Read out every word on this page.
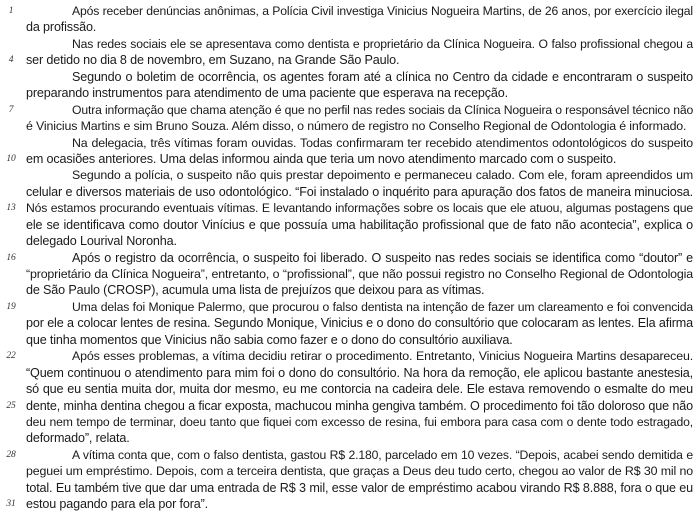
1	Após receber denúncias anônimas, a Polícia Civil investiga Vinicius Nogueira Martins, de 26 anos, por exercício ilegal
da profissão.
Nas redes sociais ele se apresentava como dentista e proprietário da Clínica Nogueira. O falso profissional chegou a
4	ser detido no dia 8 de novembro, em Suzano, na Grande São Paulo.
Segundo o boletim de ocorrência, os agentes foram até a clínica no Centro da cidade e encontraram o suspeito
preparando instrumentos para atendimento de uma paciente que esperava na recepção.
7	Outra informação que chama atenção é que no perfil nas redes sociais da Clínica Nogueira o responsável técnico não
é Vinicius Martins e sim Bruno Souza. Além disso, o número de registro no Conselho Regional de Odontologia é informado.
Na delegacia, três vítimas foram ouvidas. Todas confirmaram ter recebido atendimentos odontológicos do suspeito
10 em ocasiões anteriores. Uma delas informou ainda que teria um novo atendimento marcado com o suspeito.
Segundo a polícia, o suspeito não quis prestar depoimento e permaneceu calado. Com ele, foram apreendidos um
celular e diversos materiais de uso odontológico. “Foi instalado o inquérito para apuração dos fatos de maneira minuciosa.
13 Nós estamos procurando eventuais vítimas. E levantando informações sobre os locais que ele atuou, algumas postagens que
ele se identificava como doutor Vinícius e que possuía uma habilitação profissional que de fato não acontecia”, explica o
delegado Lourival Noronha.
16	Após o registro da ocorrência, o suspeito foi liberado. O suspeito nas redes sociais se identifica como “doutor” e
“proprietário da Clínica Nogueira”, entretanto, o “profissional”, que não possui registro no Conselho Regional de Odontologia
de São Paulo (CROSP), acumula uma lista de prejuízos que deixou para as vítimas.
19	Uma delas foi Monique Palermo, que procurou o falso dentista na intenção de fazer um clareamento e foi convencida
por ele a colocar lentes de resina. Segundo Monique, Vinicius e o dono do consultório que colocaram as lentes. Ela afirma
que tinha momentos que Vinicius não sabia como fazer e o dono do consultório auxiliava.
22	Após esses problemas, a vítima decidiu retirar o procedimento. Entretanto, Vinicius Nogueira Martins desapareceu.
“Quem continuou o atendimento para mim foi o dono do consultório. Na hora da remoção, ele aplicou bastante anestesia,
só que eu sentia muita dor, muita dor mesmo, eu me contorcia na cadeira dele. Ele estava removendo o esmalte do meu
25 dente, minha dentina chegou a ficar exposta, machucou minha gengiva também. O procedimento foi tão doloroso que não
deu nem tempo de terminar, doeu tanto que fiquei com excesso de resina, fui embora para casa com o dente todo estragado,
deformado”, relata.
28	A vítima conta que, com o falso dentista, gastou R$ 2.180, parcelado em 10 vezes. “Depois, acabei sendo demitida e
peguei um empréstimo. Depois, com a terceira dentista, que graças a Deus deu tudo certo, chegou ao valor de R$ 30 mil no
total. Eu também tive que dar uma entrada de R$ 3 mil, esse valor de empréstimo acabou virando R$ 8.888, fora o que eu
31 estou pagando para ela por fora”.
